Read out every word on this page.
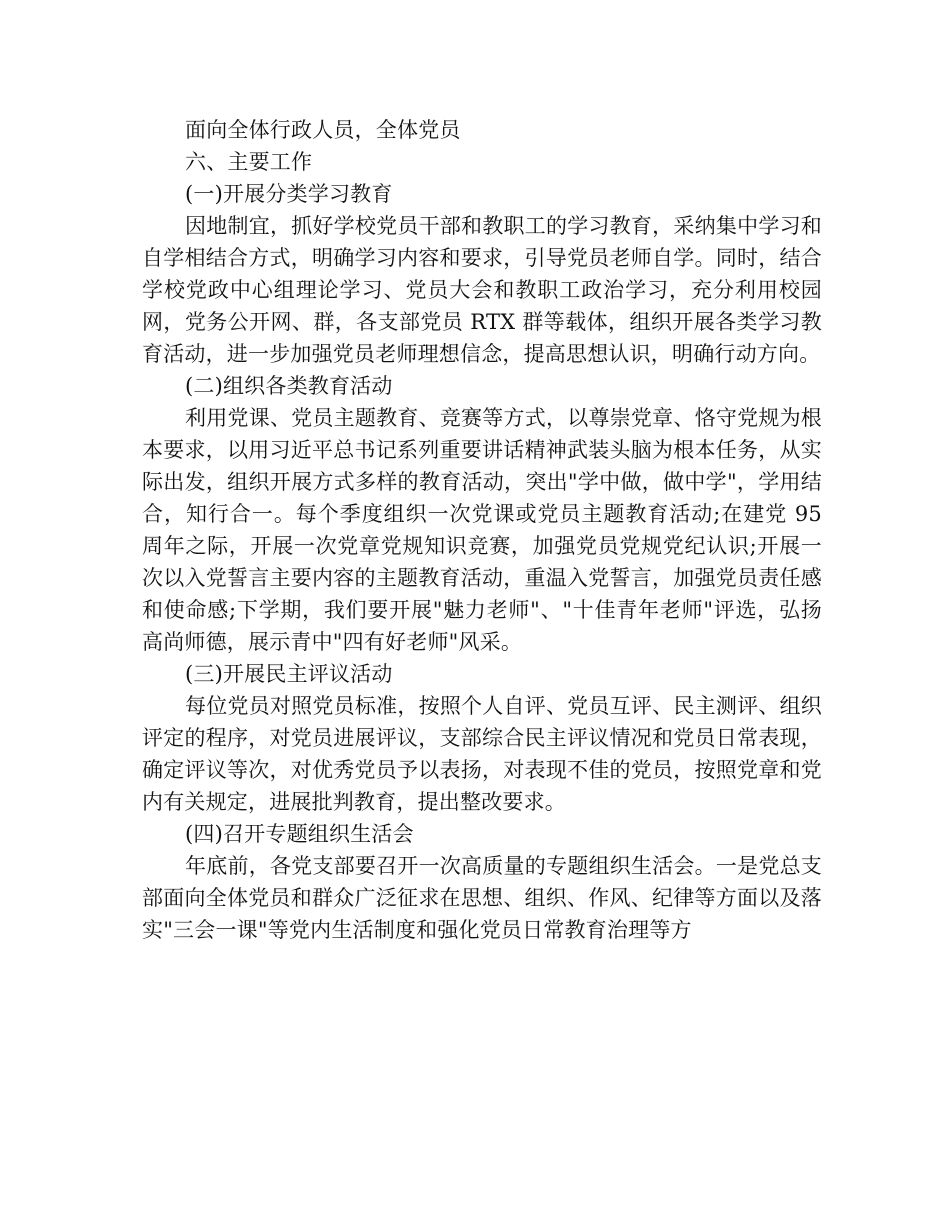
面向全体行政人员，全体党员

六、主要工作

(一)开展分类学习教育

因地制宜，抓好学校党员干部和教职工的学习教育，采纳集中学习和自学相结合方式，明确学习内容和要求，引导党员老师自学。同时，结合学校党政中心组理论学习、党员大会和教职工政治学习，充分利用校园网，党务公开网、群，各支部党员 RTX 群等载体，组织开展各类学习教育活动，进一步加强党员老师理想信念，提高思想认识，明确行动方向。

(二)组织各类教育活动

利用党课、党员主题教育、竞赛等方式，以尊崇党章、恪守党规为根本要求，以用习近平总书记系列重要讲话精神武装头脑为根本任务，从实际出发，组织开展方式多样的教育活动，突出"学中做，做中学"，学用结合，知行合一。每个季度组织一次党课或党员主题教育活动;在建党 95 周年之际，开展一次党章党规知识竞赛，加强党员党规党纪认识;开展一次以入党誓言主要内容的主题教育活动，重温入党誓言，加强党员责任感和使命感;下学期，我们要开展"魅力老师"、"十佳青年老师"评选，弘扬高尚师德，展示青中"四有好老师"风采。

(三)开展民主评议活动

每位党员对照党员标准，按照个人自评、党员互评、民主测评、组织评定的程序，对党员进展评议，支部综合民主评议情况和党员日常表现，确定评议等次，对优秀党员予以表扬，对表现不佳的党员，按照党章和党内有关规定，进展批判教育，提出整改要求。

(四)召开专题组织生活会

年底前，各党支部要召开一次高质量的专题组织生活会。一是党总支部面向全体党员和群众广泛征求在思想、组织、作风、纪律等方面以及落实"三会一课"等党内生活制度和强化党员日常教育治理等方
